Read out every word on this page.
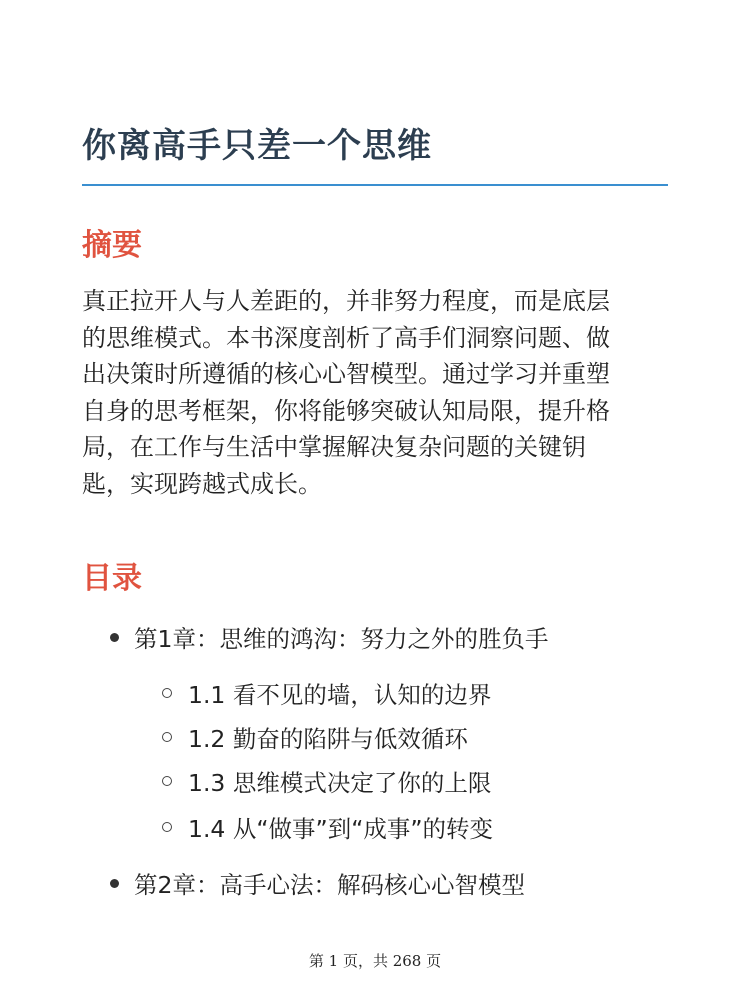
你离高手只差一个思维
摘要

真正拉开人与人差距的，并非努力程度，而是底层
的思维模式。本书深度剖析了高手们洞察问题、做
出决策时所遵循的核心心智模型。通过学习并重塑
自身的思考框架，你将能够突破认知局限，提升格
局，在工作与生活中掌握解决复杂问题的关键钥
匙，实现跨越式成长。

目录
第1章：思维的鸿沟：努力之外的胜负手
1.1 看不见的墙，认知的边界
1.2 勤奋的陷阱与低效循环
1.3 思维模式决定了你的上限
1.4 从“做事”到“成事”的转变
第2章：高手心法：解码核心心智模型
第 1 页，共 268 页
